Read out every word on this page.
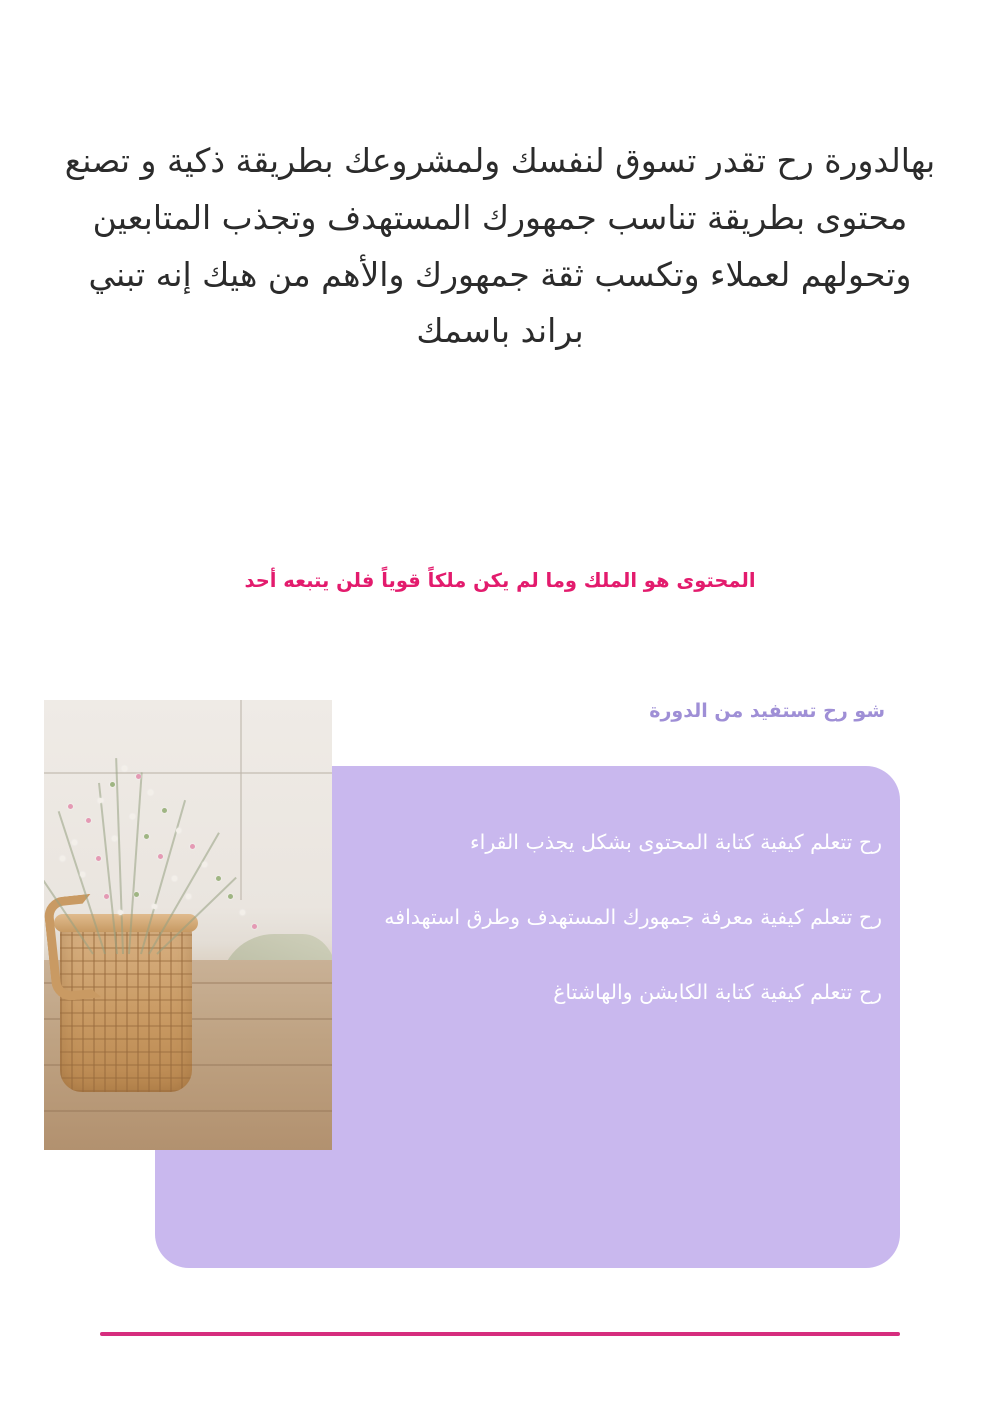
بهالدورة رح تقدر تسوق لنفسك ولمشروعك بطريقة ذكية و تصنع محتوى بطريقة تناسب جمهورك المستهدف وتجذب المتابعين وتحولهم لعملاء وتكسب ثقة جمهورك والأهم من هيك إنه تبني براند باسمك

المحتوى هو الملك وما لم يكن ملكاً قوياً فلن يتبعه أحد

شو رح تستفيد من الدورة

رح تتعلم كيفية كتابة المحتوى بشكل يجذب القراء
رح تتعلم كيفية معرفة جمهورك المستهدف وطرق استهدافه
رح تتعلم كيفية كتابة الكابشن والهاشتاغ
